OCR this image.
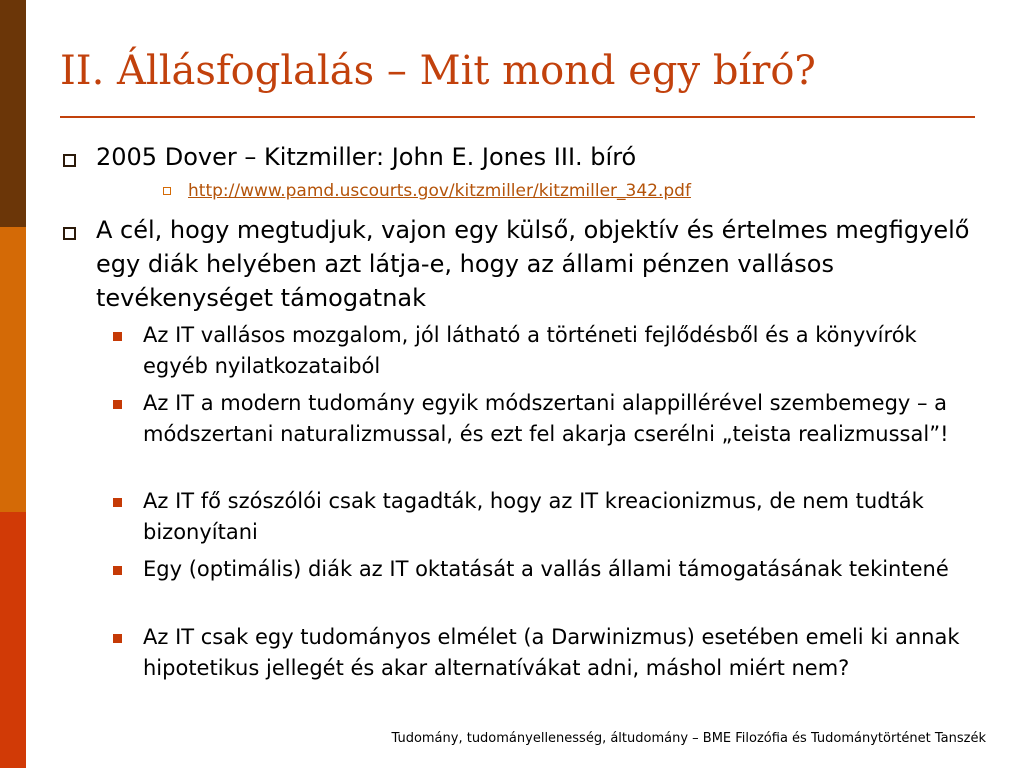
II. Állásfoglalás – Mit mond egy bíró?
2005 Dover – Kitzmiller: John E. Jones III. bíró
http://www.pamd.uscourts.gov/kitzmiller/kitzmiller_342.pdf
A cél, hogy megtudjuk, vajon egy külső, objektív és értelmes megfigyelő egy diák helyében azt látja-e, hogy az állami pénzen vallásos tevékenységet támogatnak
Az IT vallásos mozgalom, jól látható a történeti fejlődésből és a könyvírók egyéb nyilatkozataiból
Az IT a modern tudomány egyik módszertani alappillérével szembemegy – a módszertani naturalizmussal, és ezt fel akarja cserélni „teista realizmussal”!
Az IT fő szószólói csak tagadták, hogy az IT kreacionizmus, de nem tudták bizonyítani
Egy (optimális) diák az IT oktatását a vallás állami támogatásának tekintené
Az IT csak egy tudományos elmélet (a Darwinizmus) esetében emeli ki annak hipotetikus jellegét és akar alternatívákat adni, máshol miért nem?
Tudomány, tudományellenesség, áltudomány – BME Filozófia és Tudománytörténet Tanszék
